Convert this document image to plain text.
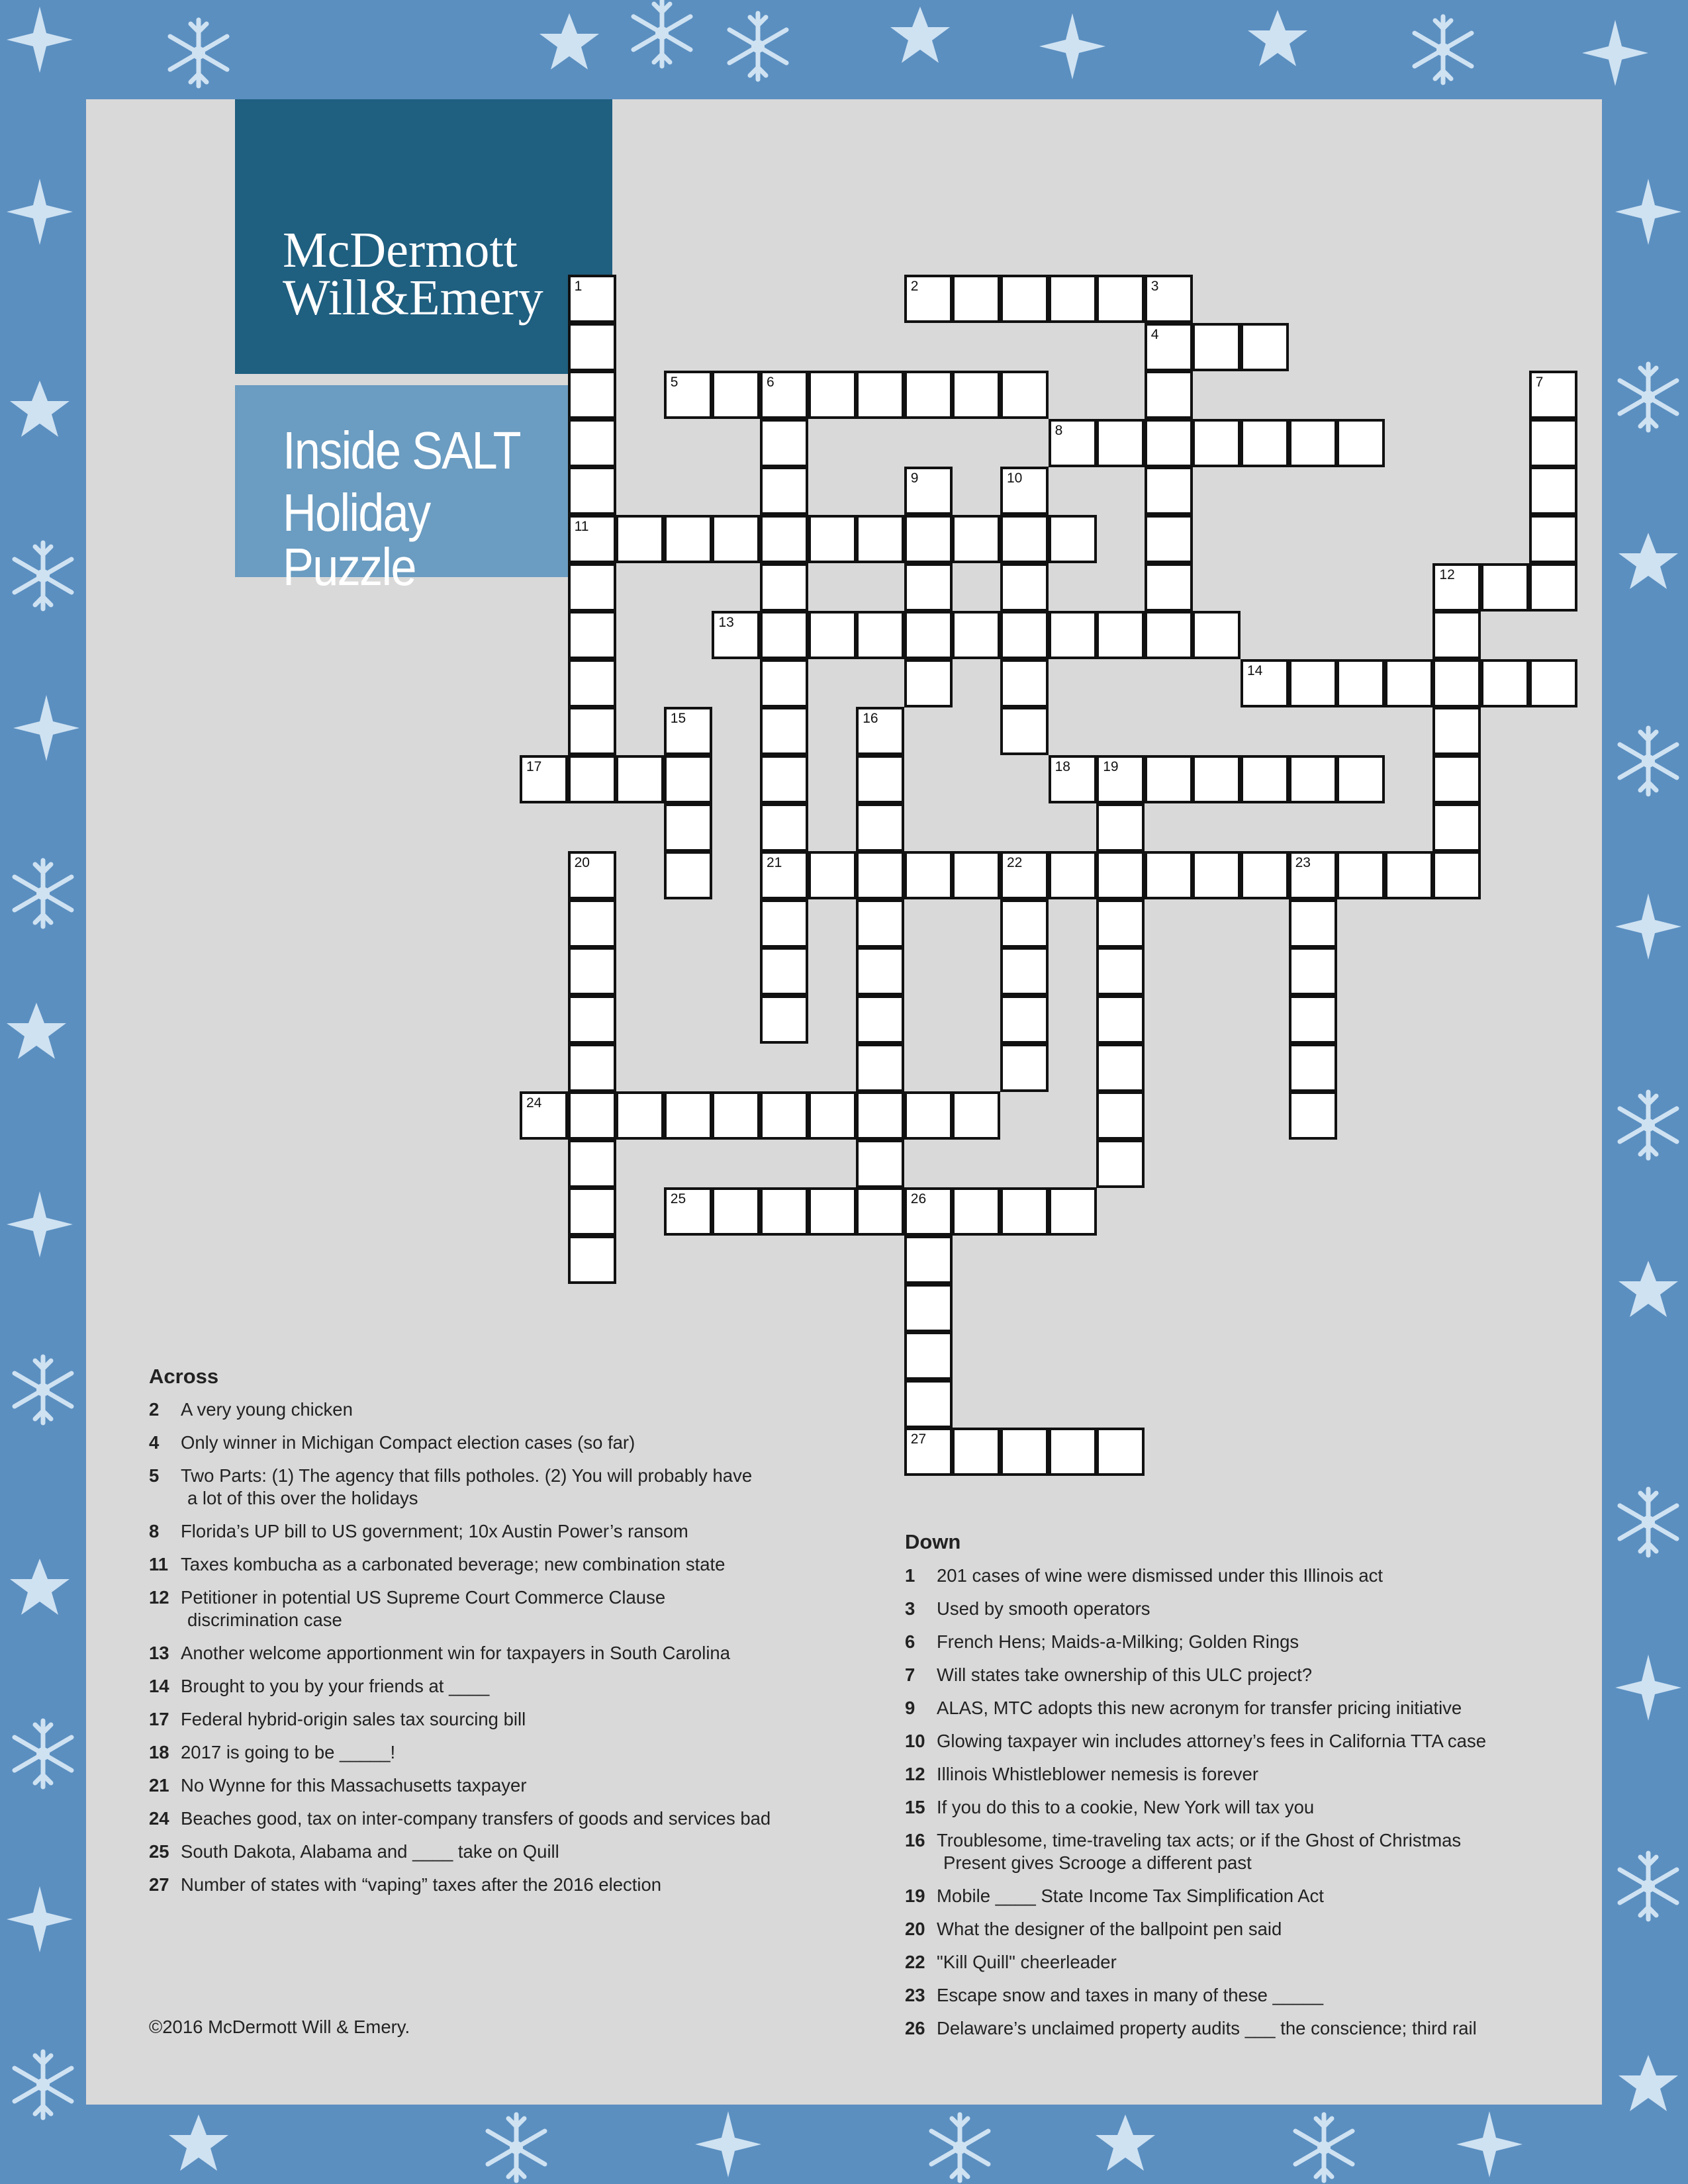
McDermott
Will&Emery
Inside SALT
Holiday Puzzle
1
11
2	3
4
5	6
21
7
8
9	10
12
13
14
15	16
17	18 19
20	22	23
24
25	26
27
Across
2 A very young chicken
4 Only winner in Michigan Compact election cases (so far)
5 Two Parts: (1) The agency that fills potholes. (2) You will probably have
a lot of this over the holidays
8 Florida’s UP bill to US government; 10x Austin Power’s ransom
11 Taxes kombucha as a carbonated beverage; new combination state
12 Petitioner in potential US Supreme Court Commerce Clause
discrimination case
13 Another welcome apportionment win for taxpayers in South Carolina
14 Brought to you by your friends at ____
17 Federal hybrid-origin sales tax sourcing bill
18 2017 is going to be _____!
21 No Wynne for this Massachusetts taxpayer
24 Beaches good, tax on inter-company transfers of goods and services bad
25 South Dakota, Alabama and ____ take on Quill
27 Number of states with “vaping” taxes after the 2016 election
Down
1 201 cases of wine were dismissed under this Illinois act
3 Used by smooth operators
6 French Hens; Maids-a-Milking; Golden Rings
7 Will states take ownership of this ULC project?
9 ALAS, MTC adopts this new acronym for transfer pricing initiative
10 Glowing taxpayer win includes attorney’s fees in California TTA case
12 Illinois Whistleblower nemesis is forever
15 If you do this to a cookie, New York will tax you
16 Troublesome, time-traveling tax acts; or if the Ghost of Christmas
Present gives Scrooge a different past
19 Mobile ____ State Income Tax Simplification Act
20 What the designer of the ballpoint pen said
22 "Kill Quill" cheerleader
23 Escape snow and taxes in many of these _____
26 Delaware’s unclaimed property audits ___ the conscience; third rail
©2016 McDermott Will & Emery.
